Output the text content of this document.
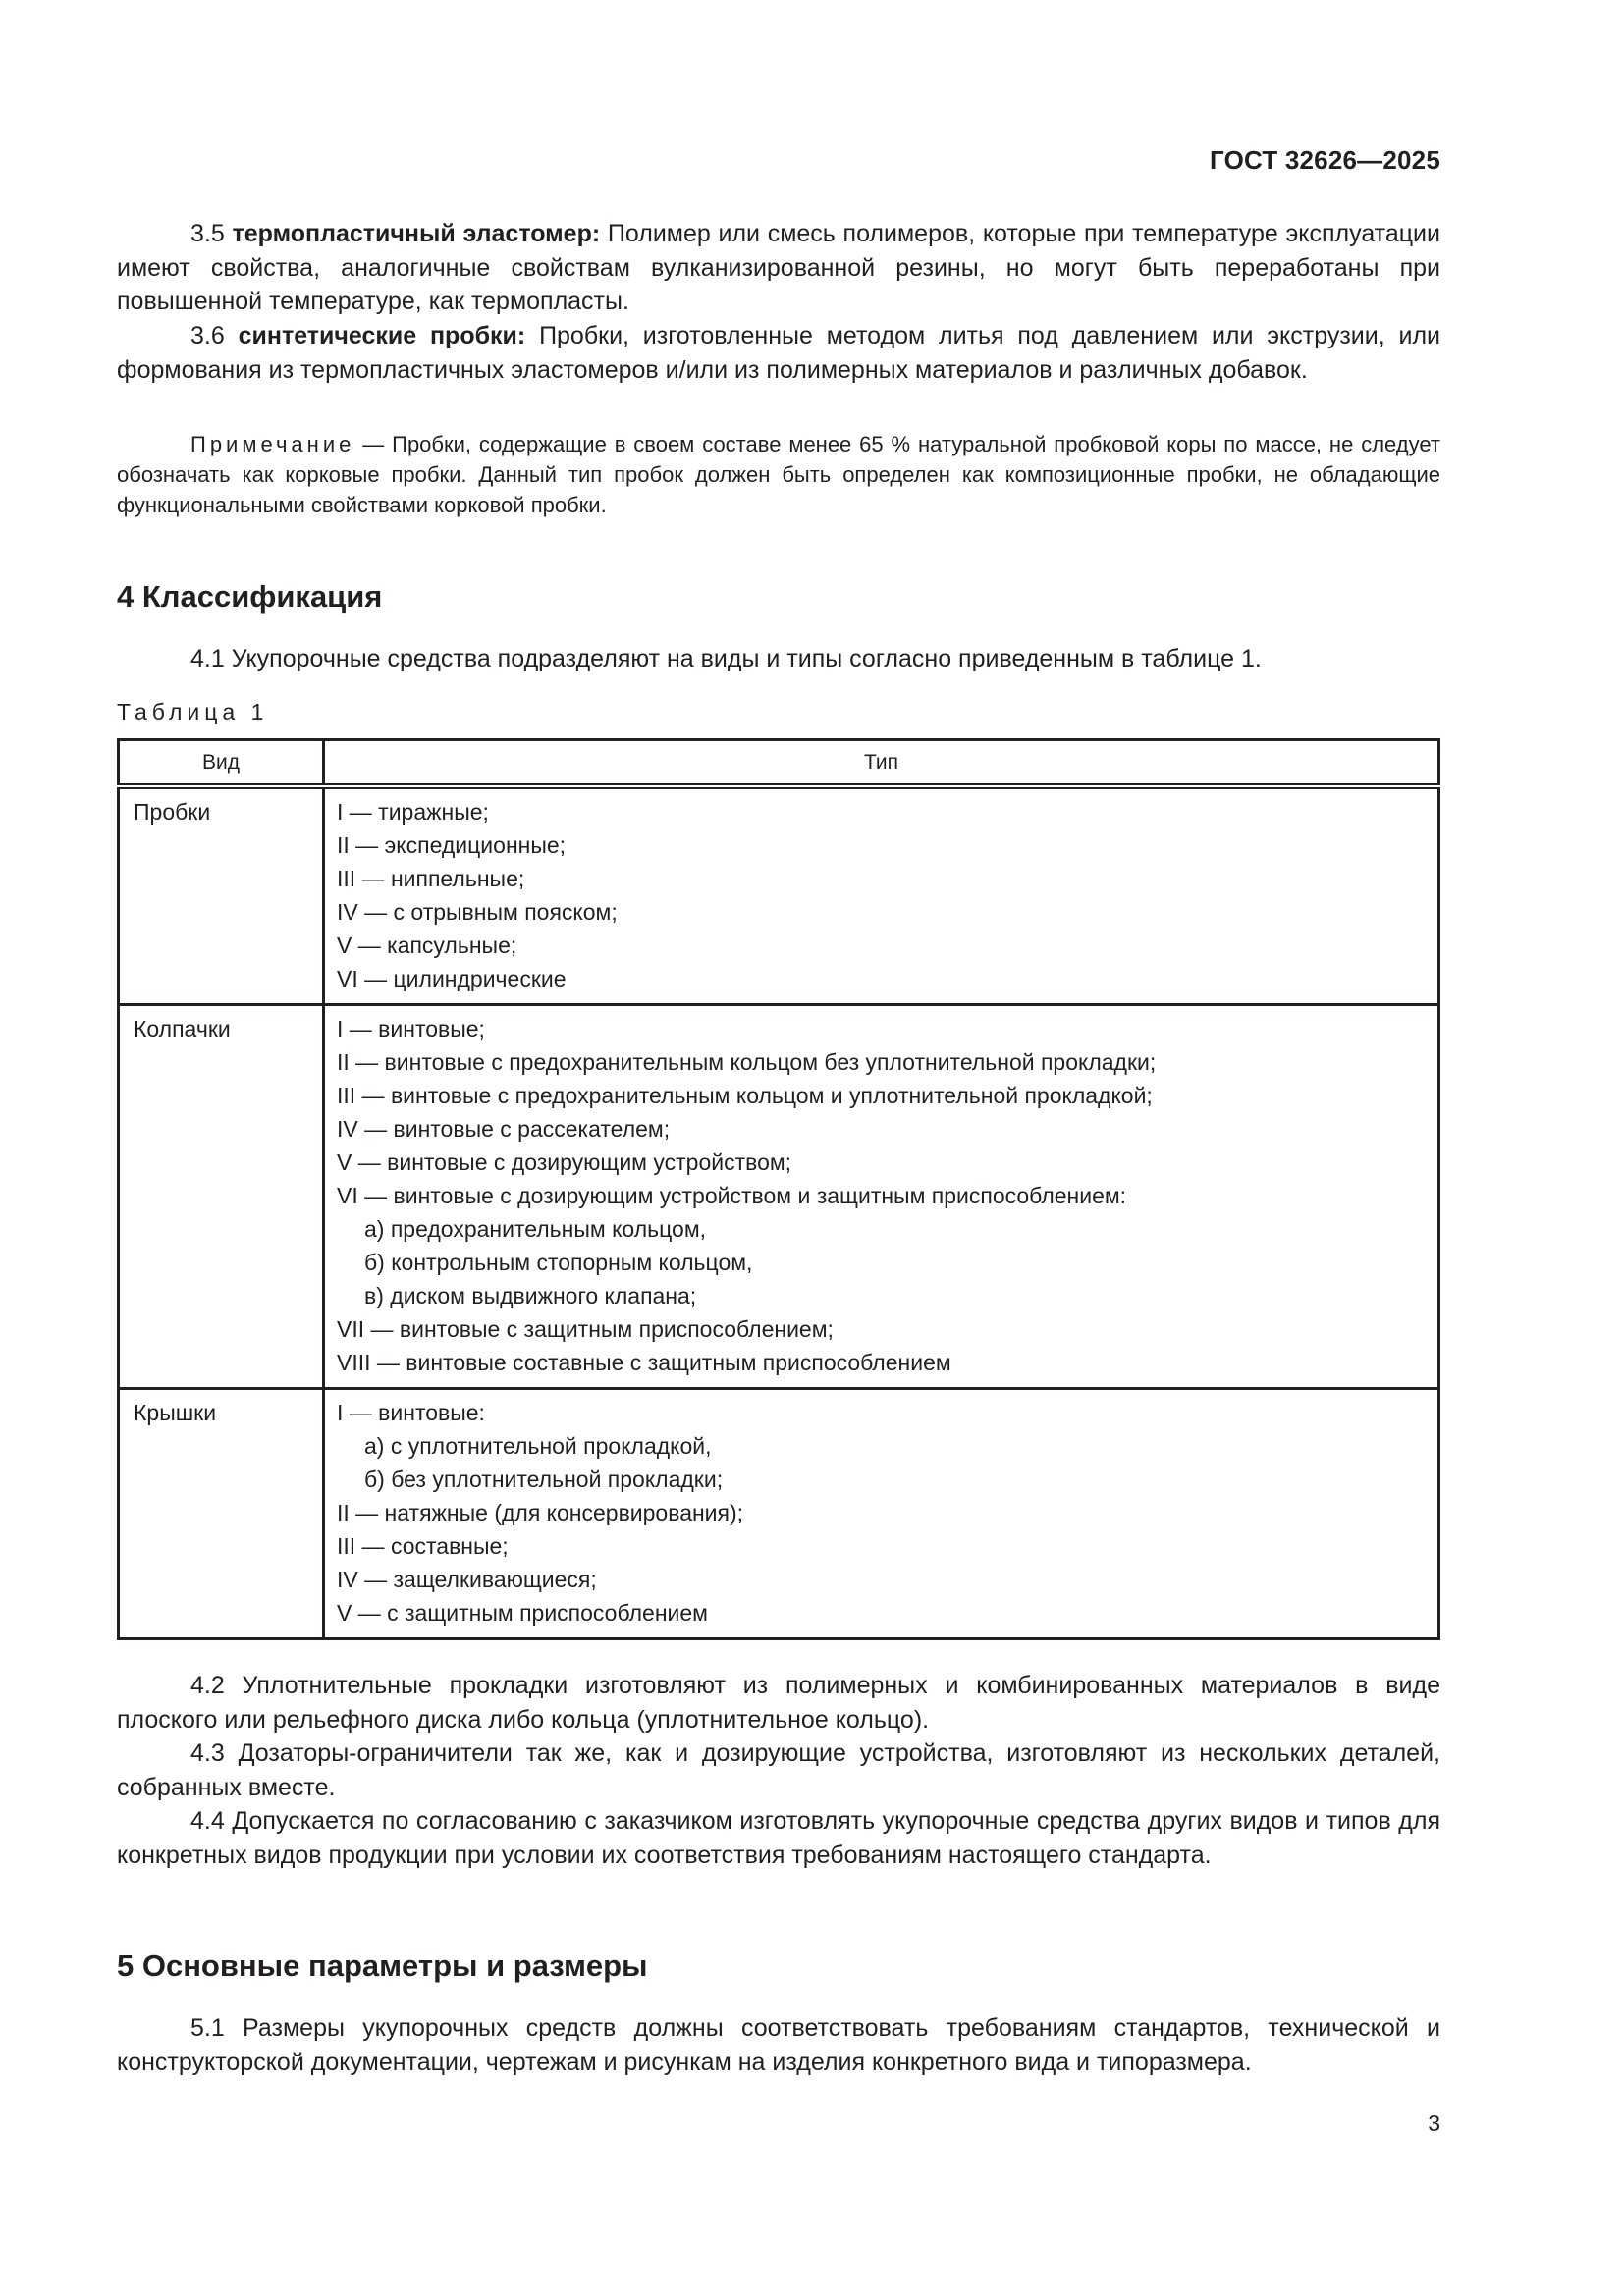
ГОСТ 32626—2025

3.5 термопластичный эластомер: Полимер или смесь полимеров, которые при температуре эксплуатации имеют свойства, аналогичные свойствам вулканизированной резины, но могут быть переработаны при повышенной температуре, как термопласты.

3.6 синтетические пробки: Пробки, изготовленные методом литья под давлением или экструзии, или формования из термопластичных эластомеров и/или из полимерных материалов и различных добавок.

Примечание — Пробки, содержащие в своем составе менее 65 % натуральной пробковой коры по массе, не следует обозначать как корковые пробки. Данный тип пробок должен быть определен как композиционные пробки, не обладающие функциональными свойствами корковой пробки.

4 Классификация

4.1 Укупорочные средства подразделяют на виды и типы согласно приведенным в таблице 1.

Таблица 1

Вид	Тип
Пробки	I — тиражные;
II — экспедиционные;
III — ниппельные;
IV — с отрывным пояском;
V — капсульные;
VI — цилиндрические

Колпачки	I — винтовые;
II — винтовые с предохранительным кольцом без уплотнительной прокладки;
III — винтовые с предохранительным кольцом и уплотнительной прокладкой;
IV — винтовые с рассекателем;
V — винтовые с дозирующим устройством;
VI — винтовые с дозирующим устройством и защитным приспособлением:
а) предохранительным кольцом,
б) контрольным стопорным кольцом,
в) диском выдвижного клапана;
VII — винтовые с защитным приспособлением;
VIII — винтовые составные с защитным приспособлением

Крышки	I — винтовые:
а) с уплотнительной прокладкой,
б) без уплотнительной прокладки;
II — натяжные (для консервирования);
III — составные;
IV — защелкивающиеся;
V — с защитным приспособлением

4.2 Уплотнительные прокладки изготовляют из полимерных и комбинированных материалов в виде плоского или рельефного диска либо кольца (уплотнительное кольцо).

4.3 Дозаторы-ограничители так же, как и дозирующие устройства, изготовляют из нескольких деталей, собранных вместе.

4.4 Допускается по согласованию с заказчиком изготовлять укупорочные средства других видов и типов для конкретных видов продукции при условии их соответствия требованиям настоящего стандарта.

5 Основные параметры и размеры

5.1 Размеры укупорочных средств должны соответствовать требованиям стандартов, технической и конструкторской документации, чертежам и рисункам на изделия конкретного вида и типоразмера.

3
